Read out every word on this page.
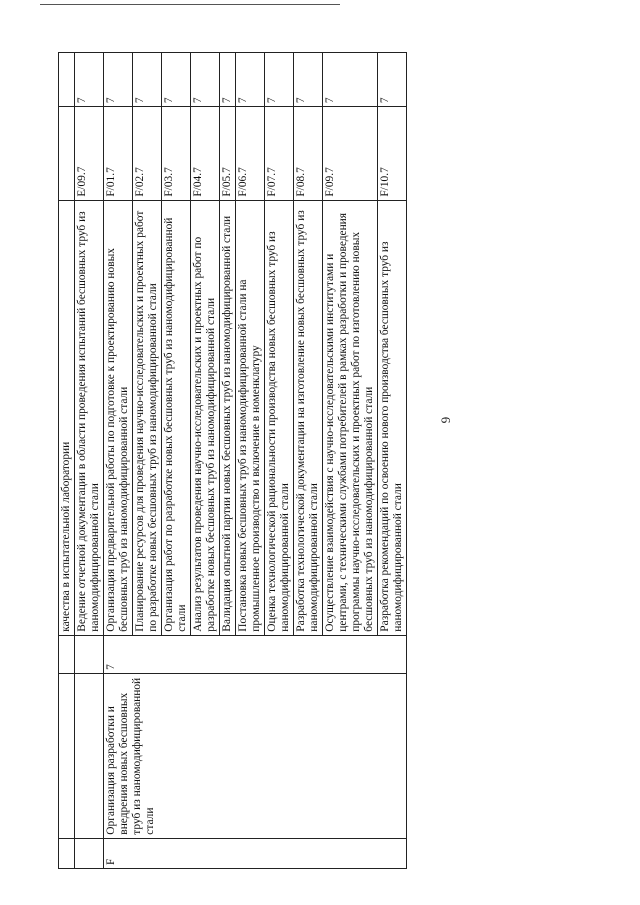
6
			качества в испытательной лаборатории		
			Ведение отчетной документации в области проведения испытаний бесшовных труб из наномодифицированной стали	E/09.7	7
F	Организация разработки и внедрения новых бесшовных труб из наномодифицированной стали	7	Организация предварительной работы по подготовке к проектированию новых бесшовных труб из наномодифицированной стали	F/01.7	7
			Планирование ресурсов для проведения научно-исследовательских и проектных работ по разработке новых бесшовных труб из наномодифицированной стали	F/02.7	7
			Организация работ по разработке новых бесшовных труб из наномодифицированной стали	F/03.7	7
			Анализ результатов проведения научно-исследовательских и проектных работ по разработке новых бесшовных труб из наномодифицированной стали	F/04.7	7
			Валидация опытной партии новых бесшовных труб из наномодифицированной стали	F/05.7	7
			Постановка новых бесшовных труб из наномодифицированной стали на промышленное производство и включение в номенклатуру	F/06.7	7
			Оценка технологической рациональности производства новых бесшовных труб из наномодифицированной стали	F/07.7	7
			Разработка технологической документации на изготовление новых бесшовных труб из наномодифицированной стали	F/08.7	7
			Осуществление взаимодействия с научно-исследовательскими институтами и центрами, с техническими службами потребителей в рамках разработки и проведения программы научно-исследовательских и проектных работ по изготовлению новых бесшовных труб из наномодифицированной стали	F/09.7	7
			Разработка рекомендаций по освоению нового производства бесшовных труб из наномодифицированной стали	F/10.7	7
